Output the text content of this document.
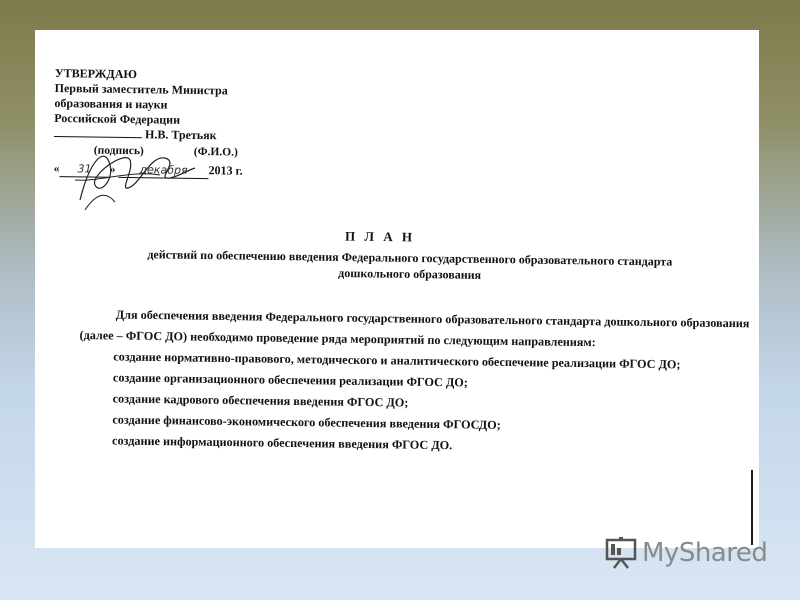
УТВЕРЖДАЮ
Первый заместитель Министра
образования и науки
Российской Федерации
Н.В. Третьяк
(подпись)	(Ф.И.О.)
«	31	»	декабря	2013 г.
П Л А Н
действий по обеспечению введения Федерального государственного образовательного стандарта
дошкольного образования

Для обеспечения введения Федерального государственного образовательного стандарта дошкольного образования

(далее – ФГОС ДО) необходимо проведение ряда мероприятий по следующим направлениям:

создание нормативно-правового, методического и аналитического обеспечение реализации ФГОС ДО;

создание организационного обеспечения реализации ФГОС ДО;

создание кадрового обеспечения введения ФГОС ДО;

создание финансово-экономического обеспечения введения ФГОСДО;

создание информационного обеспечения введения ФГОС ДО.

MyShared
